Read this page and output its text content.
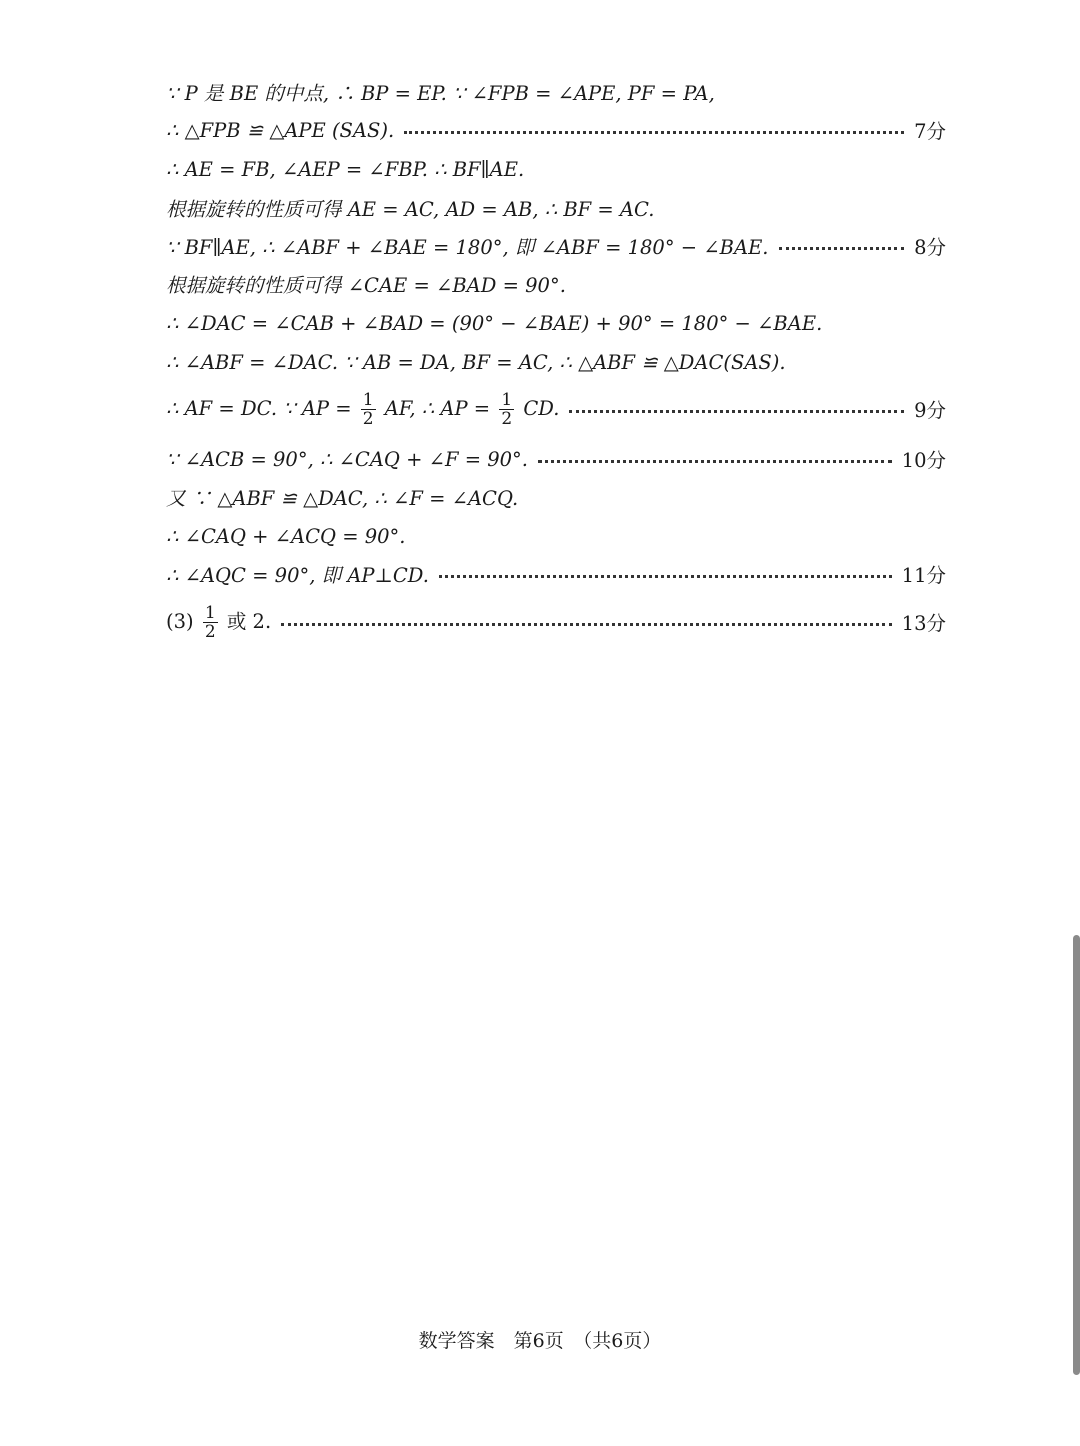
∵ P 是 BE 的中点, ∴ BP = EP. ∵ ∠FPB = ∠APE, PF = PA,
∴ △FPB ≌ △APE (SAS).	7分
∴ AE = FB, ∠AEP = ∠FBP. ∴ BF∥AE.
根据旋转的性质可得 AE = AC, AD = AB, ∴ BF = AC.
∵ BF∥AE, ∴ ∠ABF + ∠BAE = 180°, 即 ∠ABF = 180° − ∠BAE.	8分
根据旋转的性质可得 ∠CAE = ∠BAD = 90°.
∴ ∠DAC = ∠CAB + ∠BAD = (90° − ∠BAE) + 90° = 180° − ∠BAE.
∴ ∠ABF = ∠DAC. ∵ AB = DA, BF = AC, ∴ △ABF ≌ △DAC(SAS).
∴ AF = DC. ∵ AP = $\frac{1}{2}$ AF, ∴ AP = $\frac{1}{2}$ CD.	9分
∵ ∠ACB = 90°, ∴ ∠CAQ + ∠F = 90°.	10分
又 ∵ △ABF ≌ △DAC, ∴ ∠F = ∠ACQ.
∴ ∠CAQ + ∠ACQ = 90°.
∴ ∠AQC = 90°, 即 AP⊥CD.	11分
$(3) \frac{1}{2}$ 或 2.	13分
数学答案　第6页　（共6页）
